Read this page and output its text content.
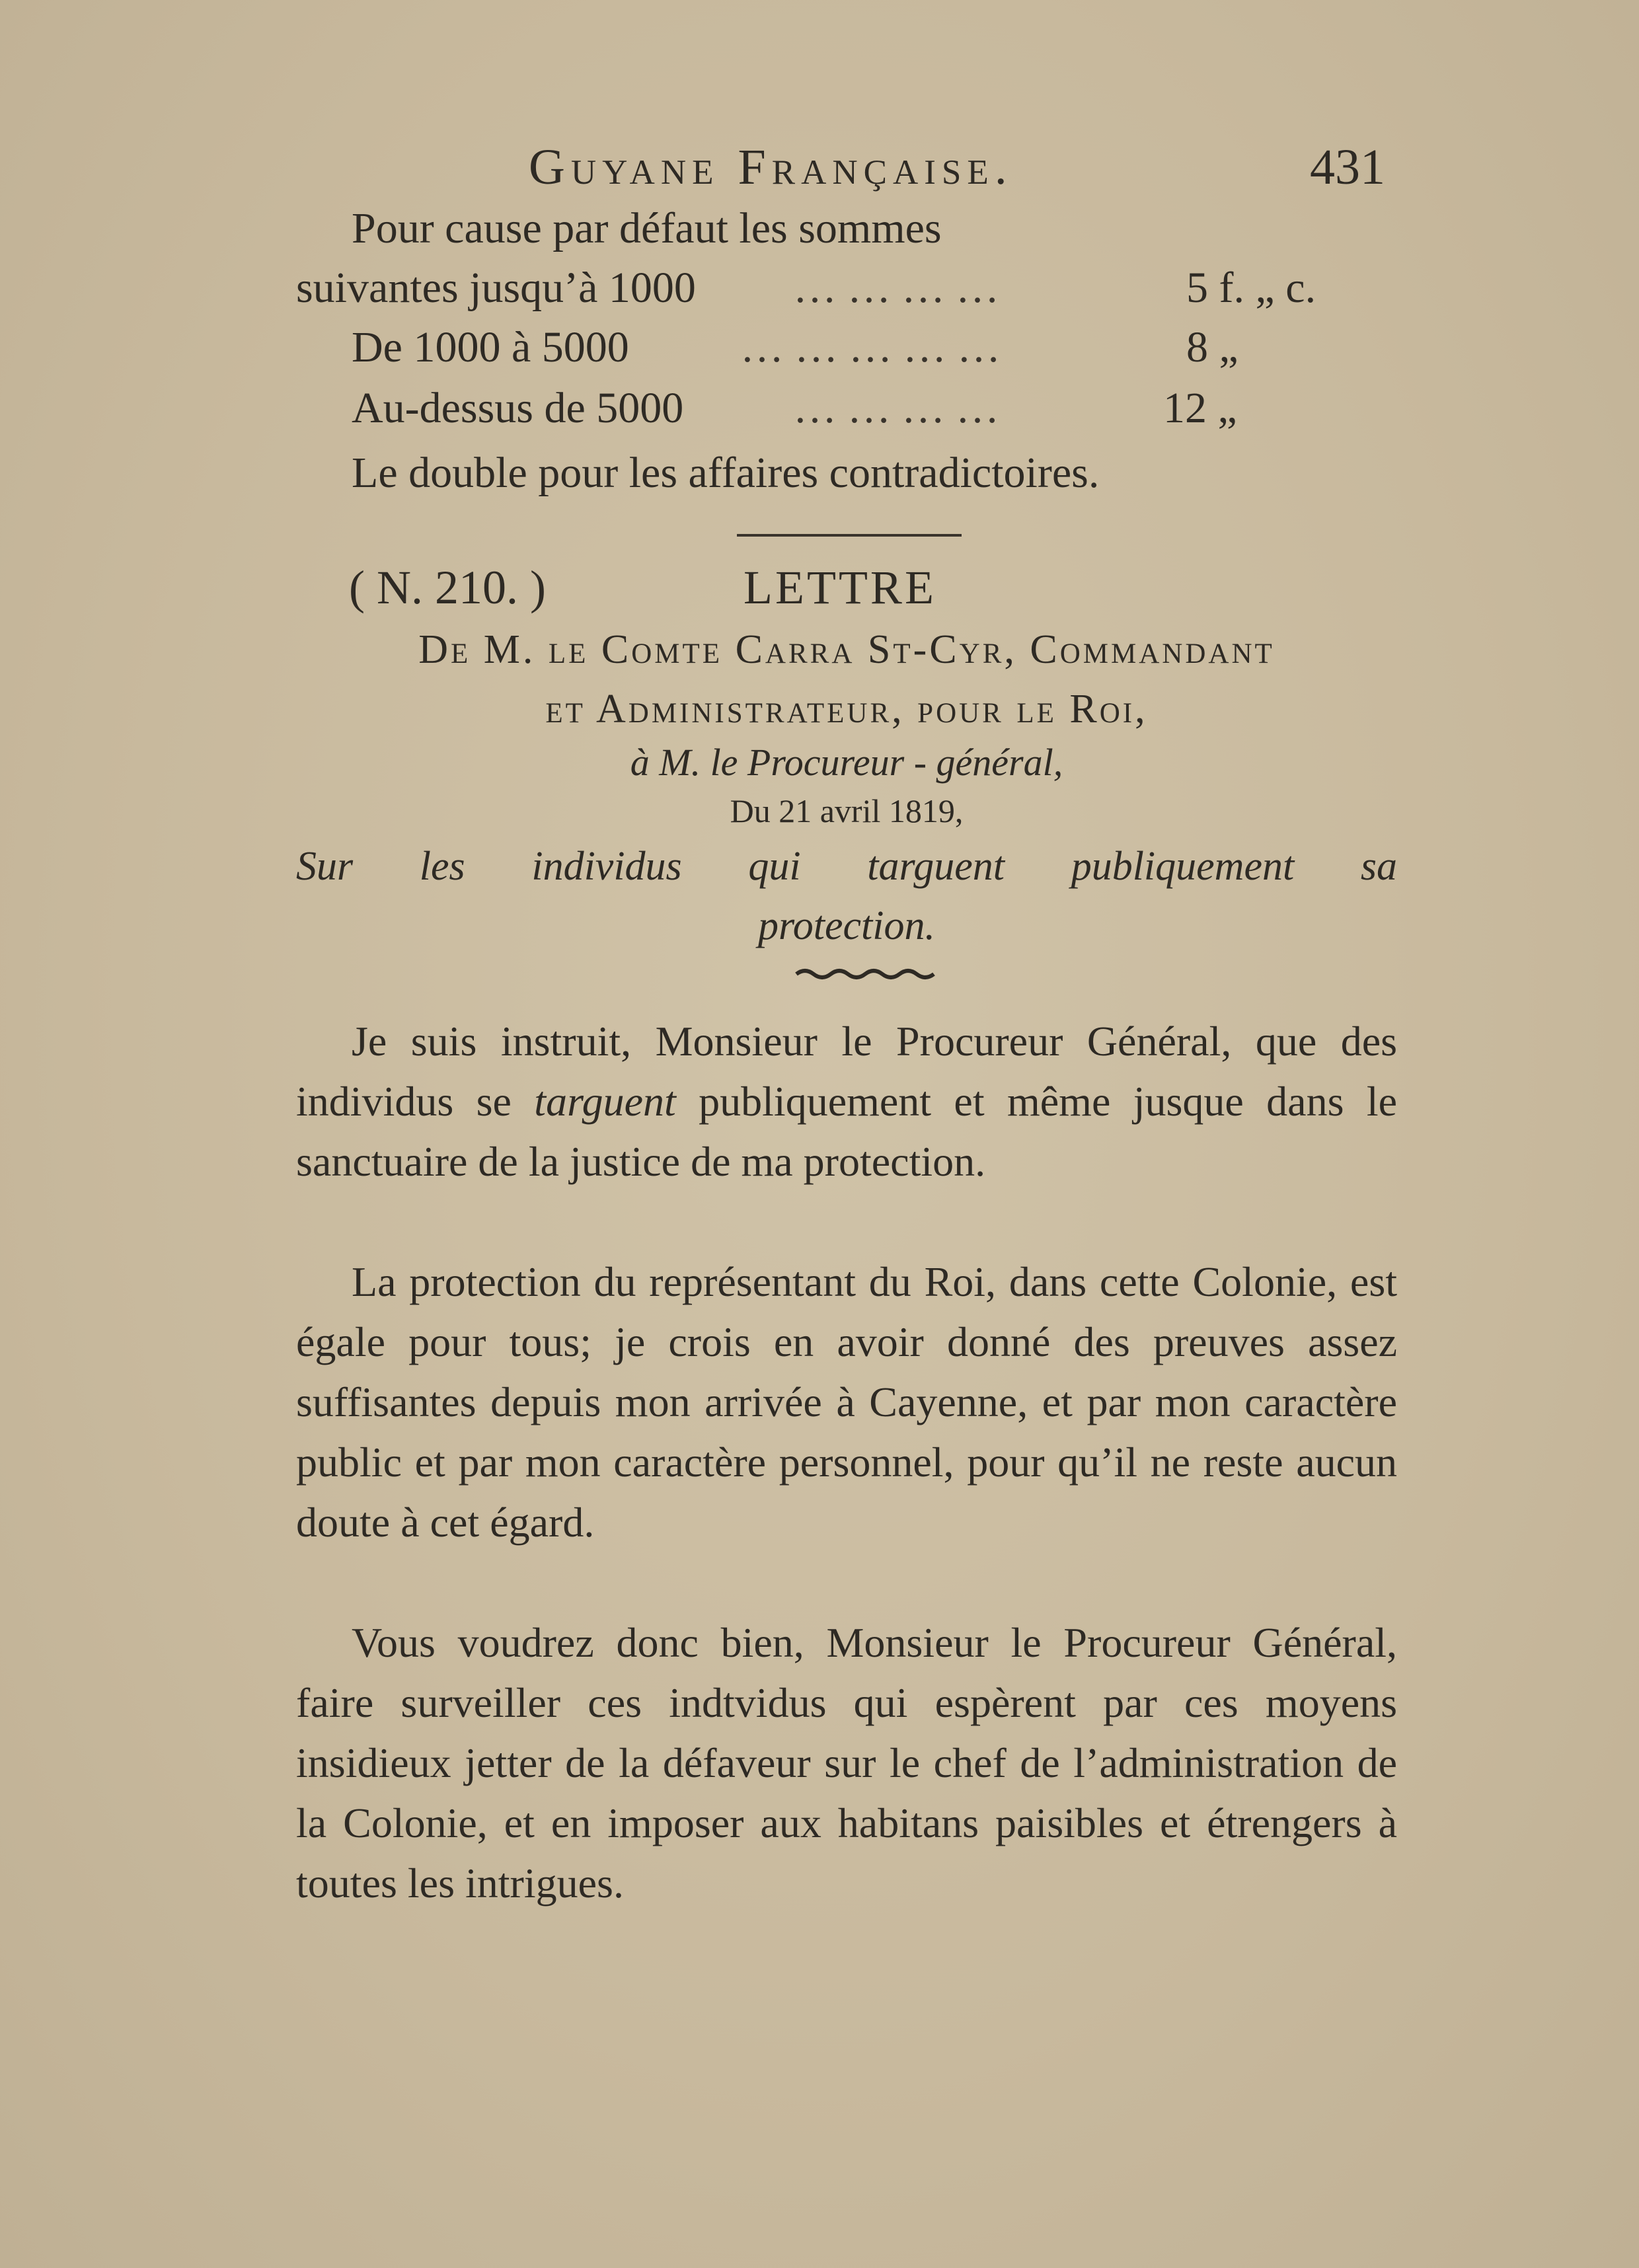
Guyane Française.	431
Pour cause par défaut les sommes
suivantes jusqu’à 1000 …………	5 f. „ c.
De 1000 à 5000	……………	8 „
Au-dessus de 5000	…………	12 „
Le double pour les affaires contradictoires.
( N. 210. )	LETTRE
De M. le Comte Carra St-Cyr, Commandant
et Administrateur, pour le Roi,
à M. le Procureur - général,
Du 21 avril 1819,
Sur les individus qui targuent publiquement sa
protection.
Je suis instruit, Monsieur le Procureur Général, que des individus se targuent publiquement et même jusque dans le sanctuaire de la justice de ma protection.
La protection du représentant du Roi, dans cette Colonie, est égale pour tous; je crois en avoir donné des preuves assez suffisantes depuis mon arrivée à Cayenne, et par mon caractère public et par mon caractère personnel, pour qu’il ne reste aucun doute à cet égard.
Vous voudrez donc bien, Monsieur le Procureur Général, faire surveiller ces indtvidus qui espèrent par ces moyens insidieux jetter de la défaveur sur le chef de l’administration de la Colonie, et en imposer aux habitans paisibles et étrengers à toutes les intrigues.
